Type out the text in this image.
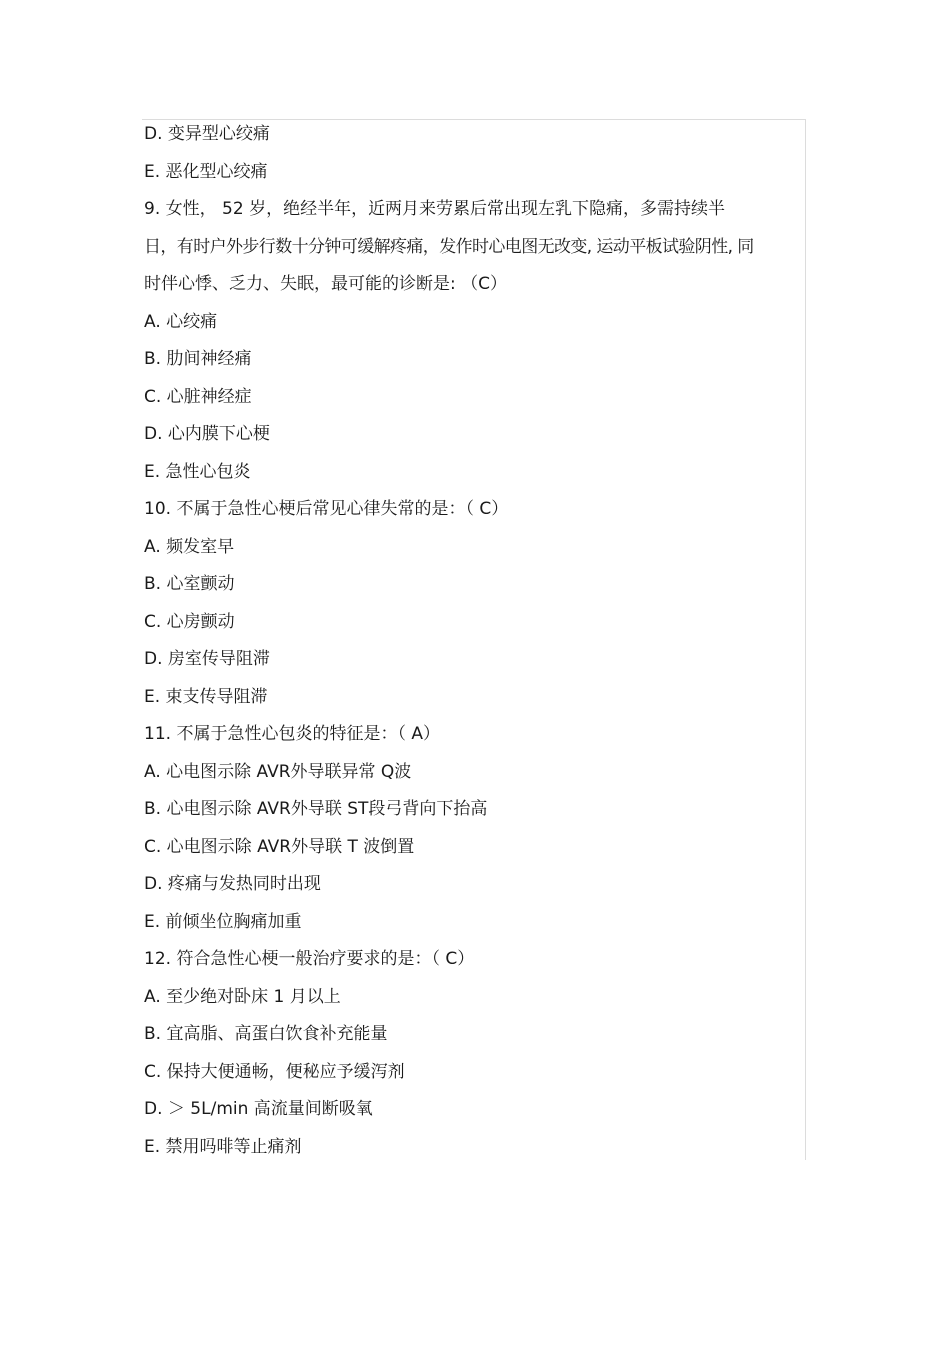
D. 变异型心绞痛
E. 恶化型心绞痛
9. 女性， 52 岁，绝经半年，近两月来劳累后常出现左乳下隐痛，多需持续半
日，有时户外步行数十分钟可缓解疼痛，发作时心电图无改变, 运动平板试验阴性, 同
时伴心悸、乏力、失眠，最可能的诊断是: （C）
A. 心绞痛
B. 肋间神经痛
C. 心脏神经症
D. 心内膜下心梗
E. 急性心包炎
10. 不属于急性心梗后常见心律失常的是：（ C）
A. 频发室早
B. 心室颤动
C. 心房颤动
D. 房室传导阻滞
E. 束支传导阻滞
11. 不属于急性心包炎的特征是：（ A）
A. 心电图示除 AVR外导联异常 Q波
B. 心电图示除 AVR外导联 ST段弓背向下抬高
C. 心电图示除 AVR外导联 T 波倒置
D. 疼痛与发热同时出现
E. 前倾坐位胸痛加重
12. 符合急性心梗一般治疗要求的是：（ C）
A. 至少绝对卧床 1 月以上
B. 宜高脂、高蛋白饮食补充能量
C. 保持大便通畅，便秘应予缓泻剂
D. ＞ 5L/min 高流量间断吸氧
E. 禁用吗啡等止痛剂
